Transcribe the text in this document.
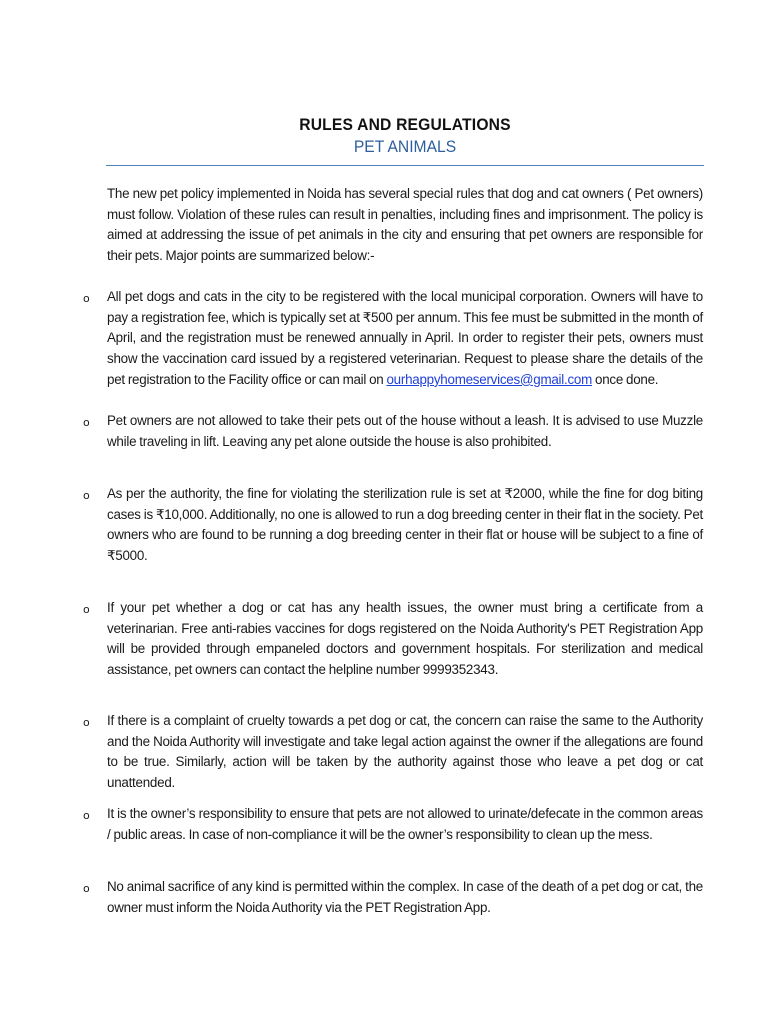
RULES AND REGULATIONS
PET ANIMALS
The new pet policy implemented in Noida has several special rules that dog and cat owners ( Pet owners) must follow. Violation of these rules can result in penalties, including fines and imprisonment. The policy is aimed at addressing the issue of pet animals in the city and ensuring that pet owners are responsible for their pets. Major points are summarized below:-
o All pet dogs and cats in the city to be registered with the local municipal corporation. Owners will have to pay a registration fee, which is typically set at ₹500 per annum. This fee must be submitted in the month of April, and the registration must be renewed annually in April. In order to register their pets, owners must show the vaccination card issued by a registered veterinarian. Request to please share the details of the pet registration to the Facility office or can mail on ourhappyhomeservices@gmail.com once done.
o Pet owners are not allowed to take their pets out of the house without a leash. It is advised to use Muzzle while traveling in lift. Leaving any pet alone outside the house is also prohibited.
o As per the authority, the fine for violating the sterilization rule is set at ₹2000, while the fine for dog biting cases is ₹10,000. Additionally, no one is allowed to run a dog breeding center in their flat in the society. Pet owners who are found to be running a dog breeding center in their flat or house will be subject to a fine of ₹5000.
o If your pet whether a dog or cat has any health issues, the owner must bring a certificate from a veterinarian. Free anti-rabies vaccines for dogs registered on the Noida Authority's PET Registration App will be provided through empaneled doctors and government hospitals. For sterilization and medical assistance, pet owners can contact the helpline number 9999352343.
o If there is a complaint of cruelty towards a pet dog or cat, the concern can raise the same to the Authority and the Noida Authority will investigate and take legal action against the owner if the allegations are found to be true. Similarly, action will be taken by the authority against those who leave a pet dog or cat unattended.
o It is the owner’s responsibility to ensure that pets are not allowed to urinate/defecate in the common areas / public areas. In case of non-compliance it will be the owner’s responsibility to clean up the mess.
o No animal sacrifice of any kind is permitted within the complex. In case of the death of a pet dog or cat, the owner must inform the Noida Authority via the PET Registration App.
